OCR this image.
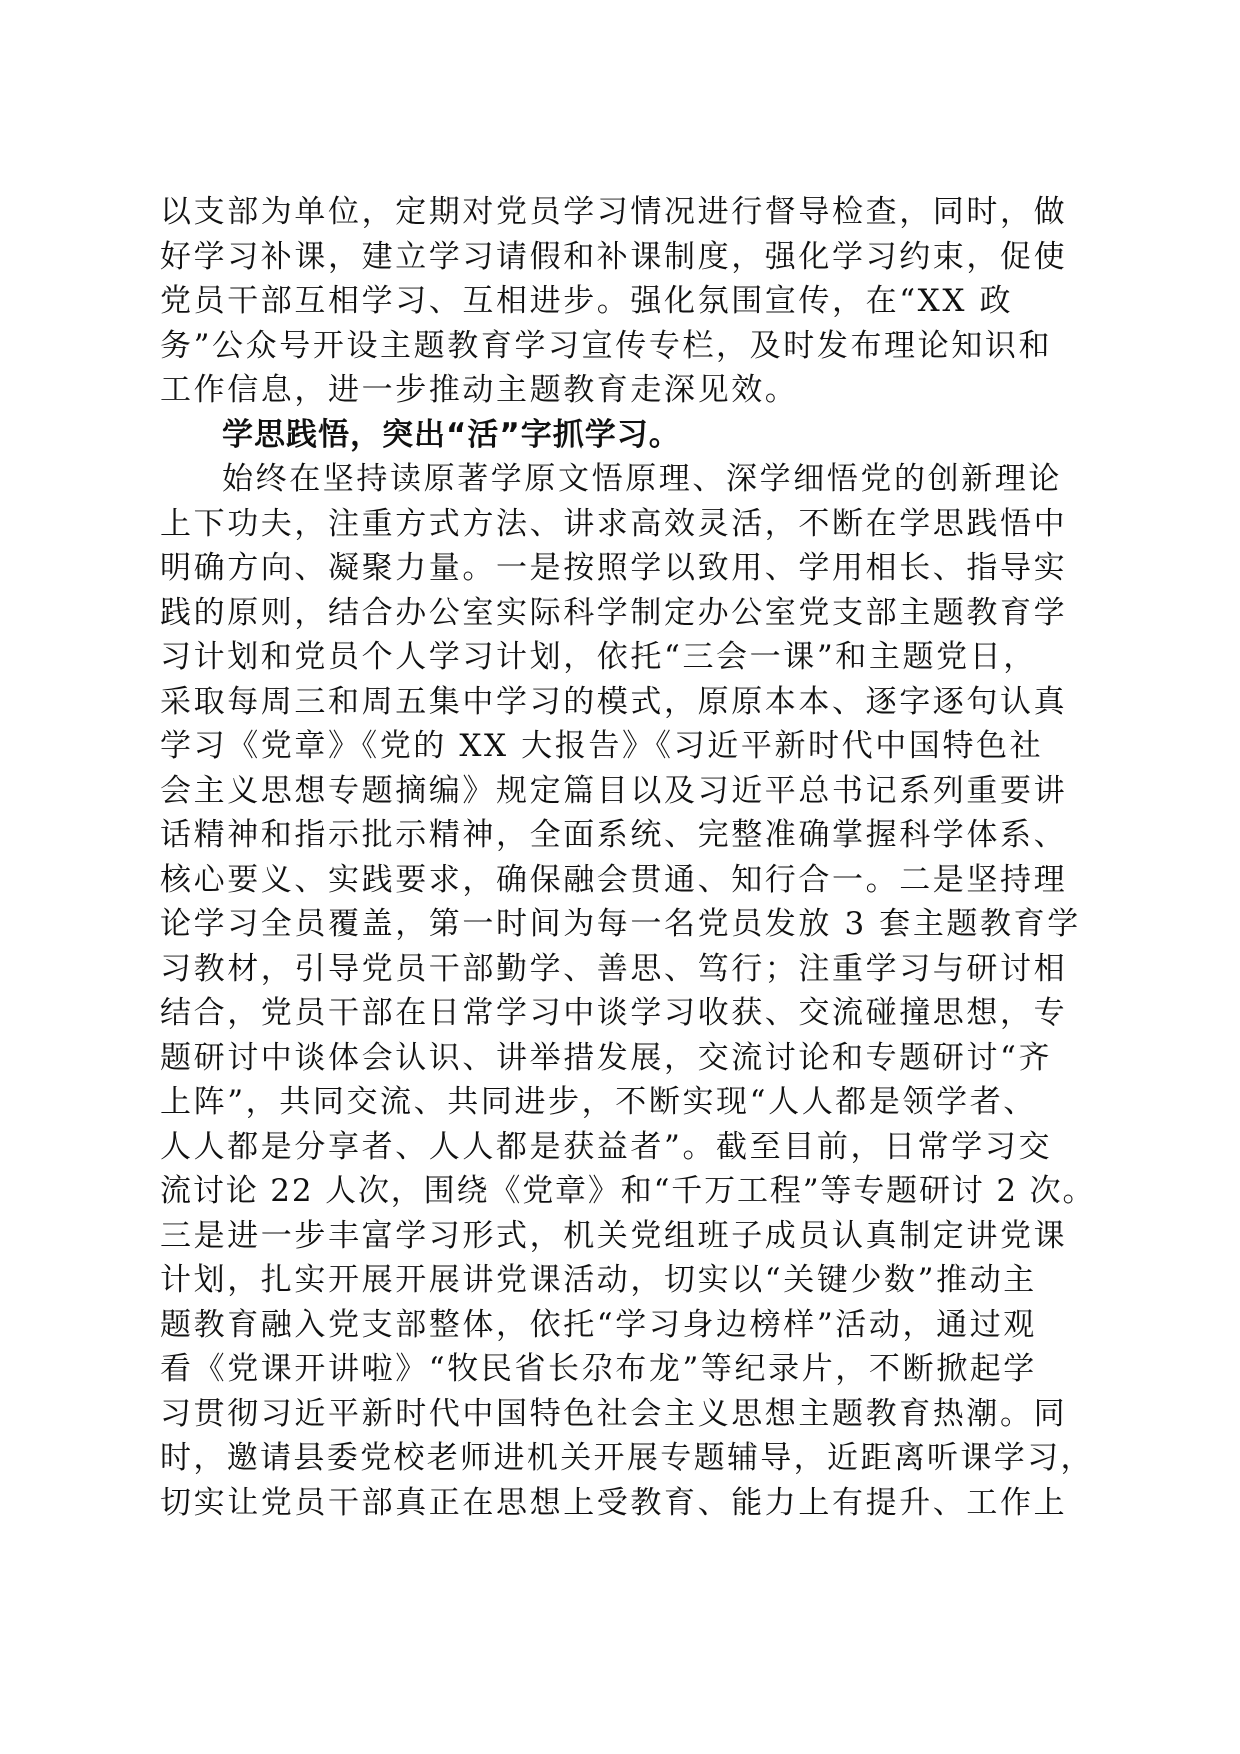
以支部为单位，定期对党员学习情况进行督导检查，同时，做
好学习补课，建立学习请假和补课制度，强化学习约束，促使
党员干部互相学习、互相进步。强化氛围宣传，在“XX 政
务”公众号开设主题教育学习宣传专栏，及时发布理论知识和
工作信息，进一步推动主题教育走深见效。
学思践悟，突出“活”字抓学习。
始终在坚持读原著学原文悟原理、深学细悟党的创新理论
上下功夫，注重方式方法、讲求高效灵活，不断在学思践悟中
明确方向、凝聚力量。一是按照学以致用、学用相长、指导实
践的原则，结合办公室实际科学制定办公室党支部主题教育学
习计划和党员个人学习计划，依托“三会一课”和主题党日，
采取每周三和周五集中学习的模式，原原本本、逐字逐句认真
学习《党章》《党的 XX 大报告》《习近平新时代中国特色社
会主义思想专题摘编》规定篇目以及习近平总书记系列重要讲
话精神和指示批示精神，全面系统、完整准确掌握科学体系、
核心要义、实践要求，确保融会贯通、知行合一。二是坚持理
论学习全员覆盖，第一时间为每一名党员发放 3 套主题教育学
习教材，引导党员干部勤学、善思、笃行；注重学习与研讨相
结合，党员干部在日常学习中谈学习收获、交流碰撞思想，专
题研讨中谈体会认识、讲举措发展，交流讨论和专题研讨“齐
上阵”，共同交流、共同进步，不断实现“人人都是领学者、
人人都是分享者、人人都是获益者”。截至目前，日常学习交
流讨论 22 人次，围绕《党章》和“千万工程”等专题研讨 2 次。
三是进一步丰富学习形式，机关党组班子成员认真制定讲党课
计划，扎实开展开展讲党课活动，切实以“关键少数”推动主
题教育融入党支部整体，依托“学习身边榜样”活动，通过观
看《党课开讲啦》“牧民省长尕布龙”等纪录片，不断掀起学
习贯彻习近平新时代中国特色社会主义思想主题教育热潮。同
时，邀请县委党校老师进机关开展专题辅导，近距离听课学习，
切实让党员干部真正在思想上受教育、能力上有提升、工作上
